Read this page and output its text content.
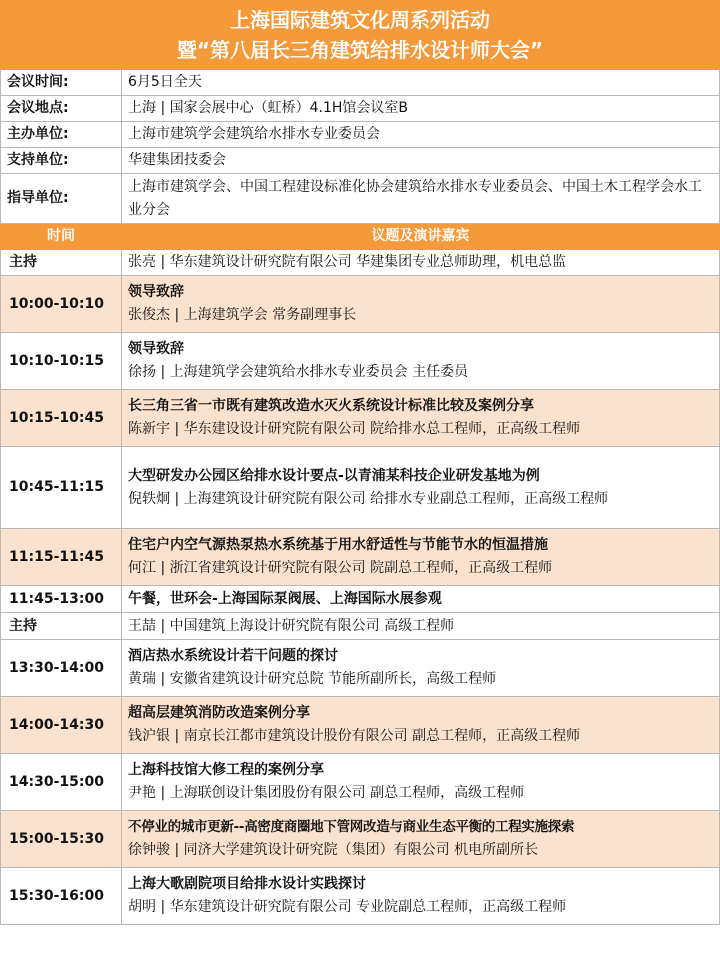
上海国际建筑文化周系列活动
暨“第八届长三角建筑给排水设计师大会”	

会议时间:	6月5日全天
会议地点:	上海 | 国家会展中心（虹桥）4.1H馆会议室B
主办单位:	上海市建筑学会建筑给水排水专业委员会
支持单位:	华建集团技委会
指导单位:	上海市建筑学会、中国工程建设标准化协会建筑给水排水专业委员会、中国土木工程学会水工业分会
时间	议题及演讲嘉宾
主持	张亮 | 华东建筑设计研究院有限公司 华建集团专业总师助理，机电总监

10:00-10:10	领导致辞
张俊杰 | 上海建筑学会 常务副理事长

10:10-10:15	领导致辞
徐扬 | 上海建筑学会建筑给水排水专业委员会 主任委员

10:15-10:45	长三角三省一市既有建筑改造水灭火系统设计标准比较及案例分享
陈新宇 | 华东建设设计研究院有限公司 院给排水总工程师，正高级工程师

10:45-11:15	大型研发办公园区给排水设计要点-以青浦某科技企业研发基地为例
倪轶炯 | 上海建筑设计研究院有限公司 给排水专业副总工程师，正高级工程师

11:15-11:45	住宅户内空气源热泵热水系统基于用水舒适性与节能节水的恒温措施
何江 | 浙江省建筑设计研究院有限公司 院副总工程师，正高级工程师

11:45-13:00	午餐，世环会-上海国际泵阀展、上海国际水展参观

主持	王喆 | 中国建筑上海设计研究院有限公司 高级工程师

13:30-14:00	酒店热水系统设计若干问题的探讨
黄瑞 | 安徽省建筑设计研究总院 节能所副所长，高级工程师

14:00-14:30	超高层建筑消防改造案例分享
钱沪银 | 南京长江都市建筑设计股份有限公司 副总工程师，正高级工程师

14:30-15:00	上海科技馆大修工程的案例分享
尹艳 | 上海联创设计集团股份有限公司 副总工程师，高级工程师

15:00-15:30	不停业的城市更新--高密度商圈地下管网改造与商业生态平衡的工程实施探索
徐钟骏 | 同济大学建筑设计研究院（集团）有限公司 机电所副所长

15:30-16:00	上海大歌剧院项目给排水设计实践探讨
胡明 | 华东建筑设计研究院有限公司 专业院副总工程师，正高级工程师
